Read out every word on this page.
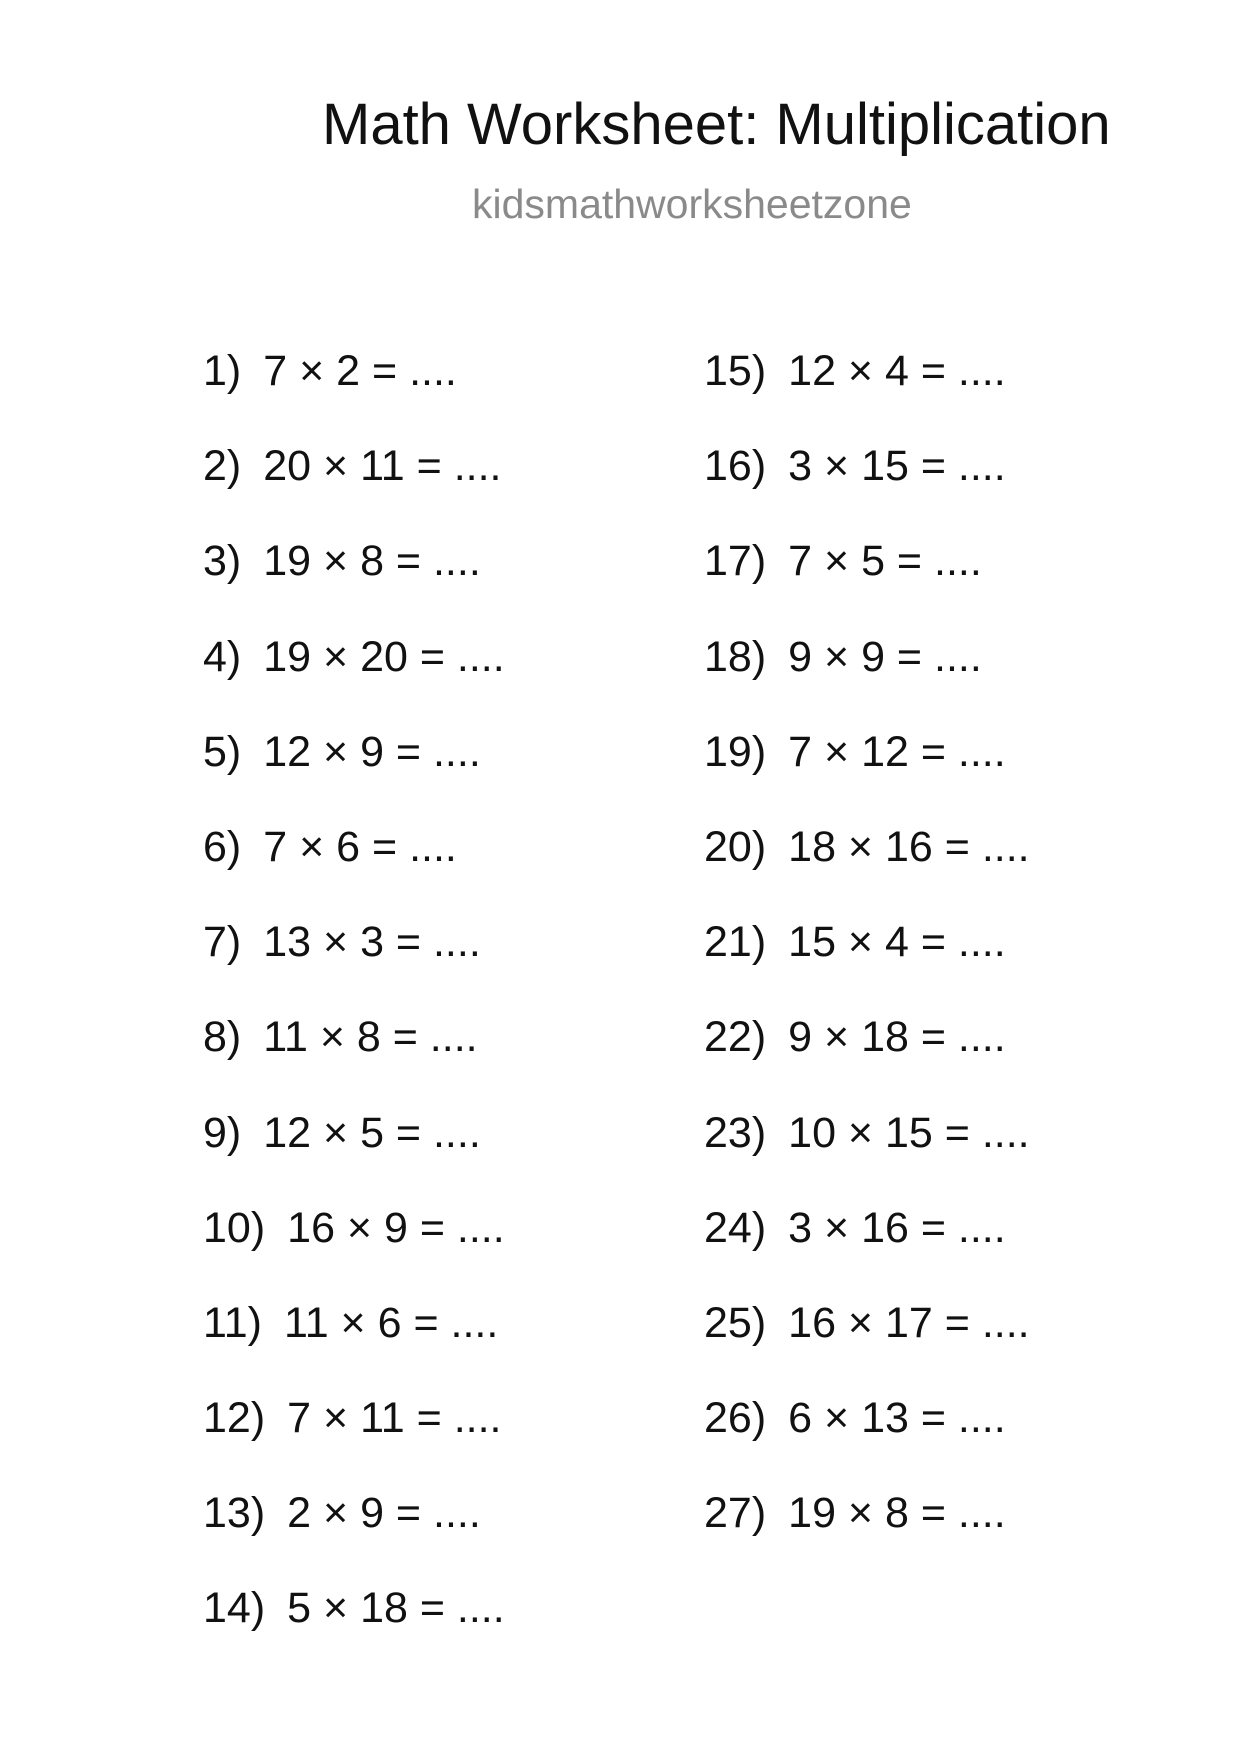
Math Worksheet: Multiplication
kidsmathworksheetzone
1) 7 × 2 = ....
2) 20 × 11 = ....
3) 19 × 8 = ....
4) 19 × 20 = ....
5) 12 × 9 = ....
6) 7 × 6 = ....
7) 13 × 3 = ....
8) 11 × 8 = ....
9) 12 × 5 = ....
10) 16 × 9 = ....
11) 11 × 6 = ....
12) 7 × 11 = ....
13) 2 × 9 = ....
14) 5 × 18 = ....
15) 12 × 4 = ....
16) 3 × 15 = ....
17) 7 × 5 = ....
18) 9 × 9 = ....
19) 7 × 12 = ....
20) 18 × 16 = ....
21) 15 × 4 = ....
22) 9 × 18 = ....
23) 10 × 15 = ....
24) 3 × 16 = ....
25) 16 × 17 = ....
26) 6 × 13 = ....
27) 19 × 8 = ....
